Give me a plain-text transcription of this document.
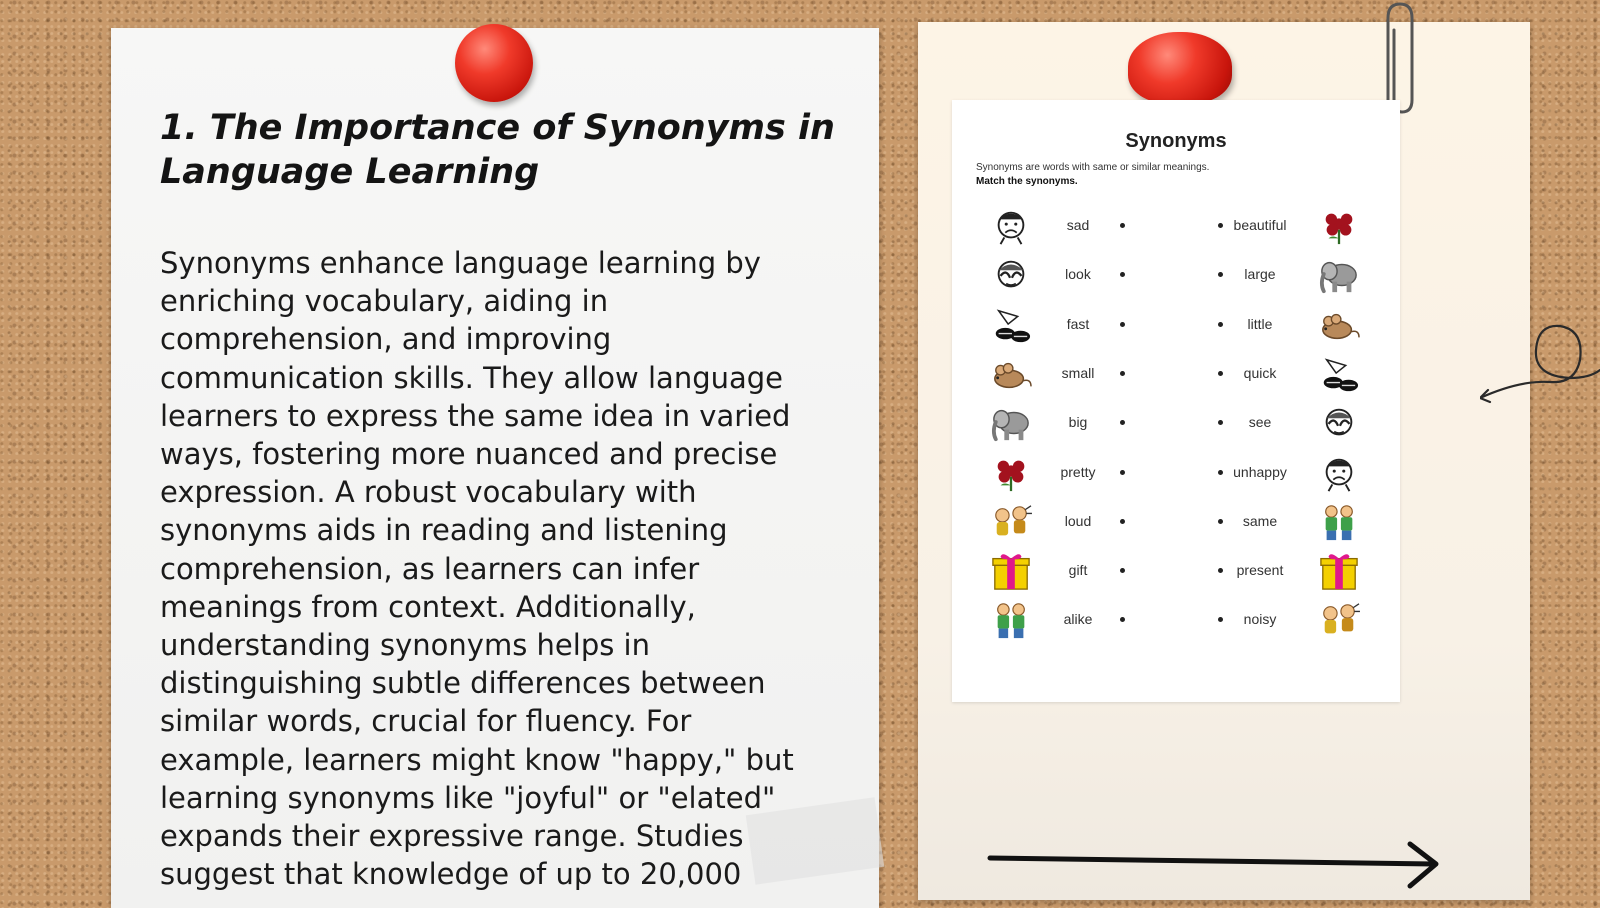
1. The Importance of Synonyms in Language Learning

Synonyms enhance language learning by enriching vocabulary, aiding in comprehension, and improving communication skills. They allow language learners to express the same idea in varied ways, fostering more nuanced and precise expression. A robust vocabulary with synonyms aids in reading and listening comprehension, as learners can infer meanings from context. Additionally, understanding synonyms helps in distinguishing subtle differences between similar words, crucial for fluency. For example, learners might know "happy," but learning synonyms like "joyful" or "elated" expands their expressive range. Studies suggest that knowledge of up to 20,000

Synonyms
Synonyms are words with same or similar meanings.
Match the synonyms.
sad	beautiful
look	large
fast	little
small	quick
big	see
pretty	unhappy
loud	same
gift	present
alike	noisy
